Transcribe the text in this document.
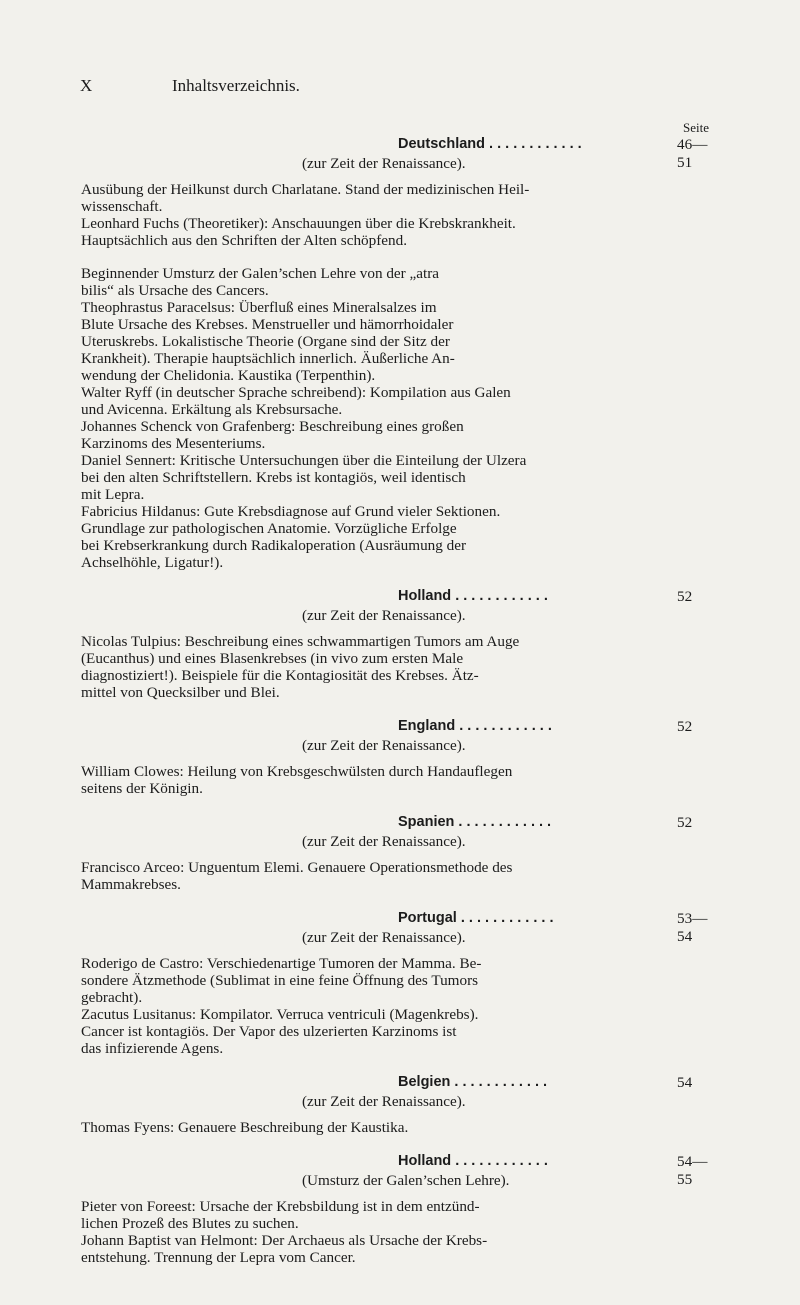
X	Inhaltsverzeichnis.
Seite
Deutschland . . . . . . . . . . . .	46—51
(zur Zeit der Renaissance).
Ausübung der Heilkunst durch Charlatane. Stand der medizinischen Heil-
wissenschaft.
Leonhard Fuchs (Theoretiker): Anschauungen über die Krebskrankheit.
Hauptsächlich aus den Schriften der Alten schöpfend.
Beginnender Umsturz der Galen’schen Lehre von der „atra
bilis“ als Ursache des Cancers.
Theophrastus Paracelsus: Überfluß eines Mineralsalzes im
Blute Ursache des Krebses. Menstrueller und hämorrhoidaler
Uteruskrebs. Lokalistische Theorie (Organe sind der Sitz der
Krankheit). Therapie hauptsächlich innerlich. Äußerliche An-
wendung der Chelidonia. Kaustika (Terpenthin).
Walter Ryff (in deutscher Sprache schreibend): Kompilation aus Galen
und Avicenna. Erkältung als Krebsursache.
Johannes Schenck von Grafenberg: Beschreibung eines großen
Karzinoms des Mesenteriums.
Daniel Sennert: Kritische Untersuchungen über die Einteilung der Ulzera
bei den alten Schriftstellern. Krebs ist kontagiös, weil identisch
mit Lepra.
Fabricius Hildanus: Gute Krebsdiagnose auf Grund vieler Sektionen.
Grundlage zur pathologischen Anatomie. Vorzügliche Erfolge
bei Krebserkrankung durch Radikaloperation (Ausräumung der
Achselhöhle, Ligatur!).
Holland . . . . . . . . . . . .	52
(zur Zeit der Renaissance).
Nicolas Tulpius: Beschreibung eines schwammartigen Tumors am Auge
(Eucanthus) und eines Blasenkrebses (in vivo zum ersten Male
diagnostiziert!). Beispiele für die Kontagiosität des Krebses. Ätz-
mittel von Quecksilber und Blei.
England . . . . . . . . . . . .	52
(zur Zeit der Renaissance).
William Clowes: Heilung von Krebsgeschwülsten durch Handauflegen
seitens der Königin.
Spanien . . . . . . . . . . . .	52
(zur Zeit der Renaissance).
Francisco Arceo: Unguentum Elemi. Genauere Operationsmethode des
Mammakrebses.
Portugal . . . . . . . . . . . .	53—54
(zur Zeit der Renaissance).
Roderigo de Castro: Verschiedenartige Tumoren der Mamma. Be-
sondere Ätzmethode (Sublimat in eine feine Öffnung des Tumors
gebracht).
Zacutus Lusitanus: Kompilator. Verruca ventriculi (Magenkrebs).
Cancer ist kontagiös. Der Vapor des ulzerierten Karzinoms ist
das infizierende Agens.
Belgien . . . . . . . . . . . .	54
(zur Zeit der Renaissance).
Thomas Fyens: Genauere Beschreibung der Kaustika.
Holland . . . . . . . . . . . .	54—55
(Umsturz der Galen’schen Lehre).
Pieter von Foreest: Ursache der Krebsbildung ist in dem entzünd-
lichen Prozeß des Blutes zu suchen.
Johann Baptist van Helmont: Der Archaeus als Ursache der Krebs-
entstehung. Trennung der Lepra vom Cancer.
